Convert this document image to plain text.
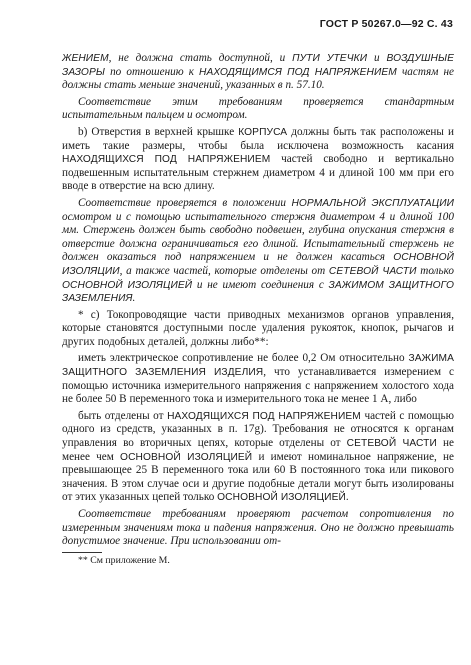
ГОСТ Р 50267.0—92 С. 43

ЖЕНИЕМ, не должна стать доступной, и ПУТИ УТЕЧКИ и ВОЗДУШНЫЕ ЗАЗОРЫ по отношению к НАХОДЯЩИМСЯ ПОД НАПРЯЖЕНИЕМ частям не должны стать меньше значений, указанных в п. 57.10.

Соответствие этим требованиям проверяется стандартным испытательным пальцем и осмотром.

b) Отверстия в верхней крышке КОРПУСА должны быть так расположены и иметь такие размеры, чтобы была исключена возможность касания НАХОДЯЩИХСЯ ПОД НАПРЯЖЕНИЕМ частей свободно и вертикально подвешенным испытательным стержнем диаметром 4 и длиной 100 мм при его вводе в отверстие на всю длину.

Соответствие проверяется в положении НОРМАЛЬНОЙ ЭКСПЛУАТАЦИИ осмотром и с помощью испытательного стержня диаметром 4 и длиной 100 мм. Стержень должен быть свободно подвешен, глубина опускания стержня в отверстие должна ограничиваться его длиной. Испытательный стержень не должен оказаться под напряжением и не должен касаться ОСНОВНОЙ ИЗОЛЯЦИИ, а также частей, которые отделены от СЕТЕВОЙ ЧАСТИ только ОСНОВНОЙ ИЗОЛЯЦИЕЙ и не имеют соединения с ЗАЖИМОМ ЗАЩИТНОГО ЗАЗЕМЛЕНИЯ.

* с) Токопроводящие части приводных механизмов органов управления, которые становятся доступными после удаления рукояток, кнопок, рычагов и других подобных деталей, должны либо**:

иметь электрическое сопротивление не более 0,2 Ом относительно ЗАЖИМА ЗАЩИТНОГО ЗАЗЕМЛЕНИЯ ИЗДЕЛИЯ, что устанавливается измерением с помощью источника измерительного напряжения с напряжением холостого хода не более 50 В переменного тока и измерительного тока не менее 1 А, либо

быть отделены от НАХОДЯЩИХСЯ ПОД НАПРЯЖЕНИЕМ частей с помощью одного из средств, указанных в п. 17g). Требования не относятся к органам управления во вторичных цепях, которые отделены от СЕТЕВОЙ ЧАСТИ не менее чем ОСНОВНОЙ ИЗОЛЯЦИЕЙ и имеют номинальное напряжение, не превышающее 25 В переменного тока или 60 В постоянного тока или пикового значения. В этом случае оси и другие подобные детали могут быть изолированы от этих указанных цепей только ОСНОВНОЙ ИЗОЛЯЦИЕЙ.

Соответствие требованиям проверяют расчетом сопротивления по измеренным значениям тока и падения напряжения. Оно не должно превышать допустимое значение. При использовании от-

** См приложение М.
